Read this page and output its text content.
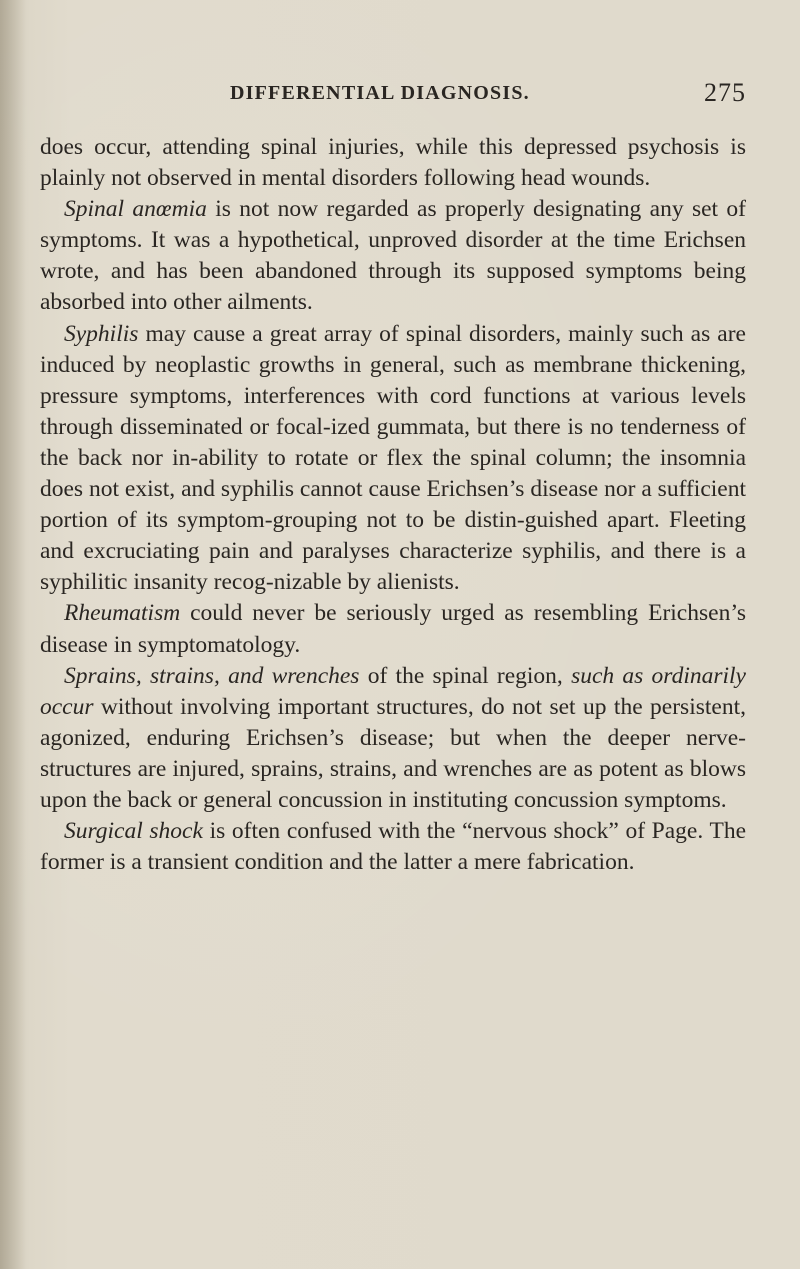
DIFFERENTIAL DIAGNOSIS.	275

does occur, attending spinal injuries, while this depressed psychosis is plainly not observed in mental disorders following head wounds.

Spinal anœmia is not now regarded as properly designating any set of symptoms. It was a hypothetical, unproved disorder at the time Erichsen wrote, and has been abandoned through its supposed symptoms being absorbed into other ailments.

Syphilis may cause a great array of spinal disorders, mainly such as are induced by neoplastic growths in general, such as membrane thickening, pressure symptoms, interferences with cord functions at various levels through disseminated or focal-ized gummata, but there is no tenderness of the back nor in-ability to rotate or flex the spinal column; the insomnia does not exist, and syphilis cannot cause Erichsen’s disease nor a sufficient portion of its symptom-grouping not to be distin-guished apart. Fleeting and excruciating pain and paralyses characterize syphilis, and there is a syphilitic insanity recog-nizable by alienists.

Rheumatism could never be seriously urged as resembling Erichsen’s disease in symptomatology.

Sprains, strains, and wrenches of the spinal region, such as ordinarily occur without involving important structures, do not set up the persistent, agonized, enduring Erichsen’s disease; but when the deeper nerve-structures are injured, sprains, strains, and wrenches are as potent as blows upon the back or general concussion in instituting concussion symptoms.

Surgical shock is often confused with the “nervous shock” of Page. The former is a transient condition and the latter a mere fabrication.
